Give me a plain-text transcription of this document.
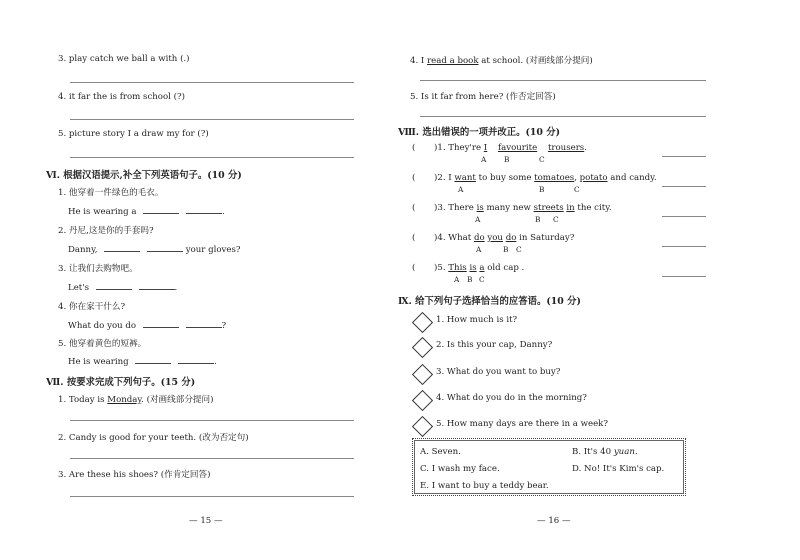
3. play catch we ball a with (.)
4. it far the is from school (?)
5. picture story I a draw my for (?)
Ⅵ. 根据汉语提示,补全下列英语句子。(10 分)
1. 他穿着一件绿色的毛衣。
He is wearing a	.
2. 丹尼,这是你的手套吗?
Danny,	your gloves?
3. 让我们去购物吧。
Let's	.
4. 你在家干什么?
What do you do	?
5. 他穿着黄色的短裤。
He is wearing	.
Ⅶ. 按要求完成下列句子。(15 分)
1. Today is Monday. (对画线部分提问)
2. Candy is good for your teeth. (改为否定句)
3. Are these his shoes? (作肯定回答)
— 15 —
4. I read a book at school. (对画线部分提问)
5. Is it far from here? (作否定回答)
Ⅷ. 选出错误的一项并改正。(10 分)
( )1. They're I favourite trousers.
A B	C
( )2. I want to buy some tomatoes, potato and candy.
A	B	C
( )3. There is many new streets in the city.
A	B C
( )4. What do you do in Saturday?
A	B C
( )5. This is a old cap .
A B C
Ⅸ. 给下列句子选择恰当的应答语。(10 分)
1. How much is it?
2. Is this your cap, Danny?
3. What do you want to buy?
4. What do you do in the morning?
5. How many days are there in a week?
A. Seven.	B. It's 40 yuan.
C. I wash my face.	D. No! It's Kim's cap.
E. I want to buy a teddy bear.
— 16 —
